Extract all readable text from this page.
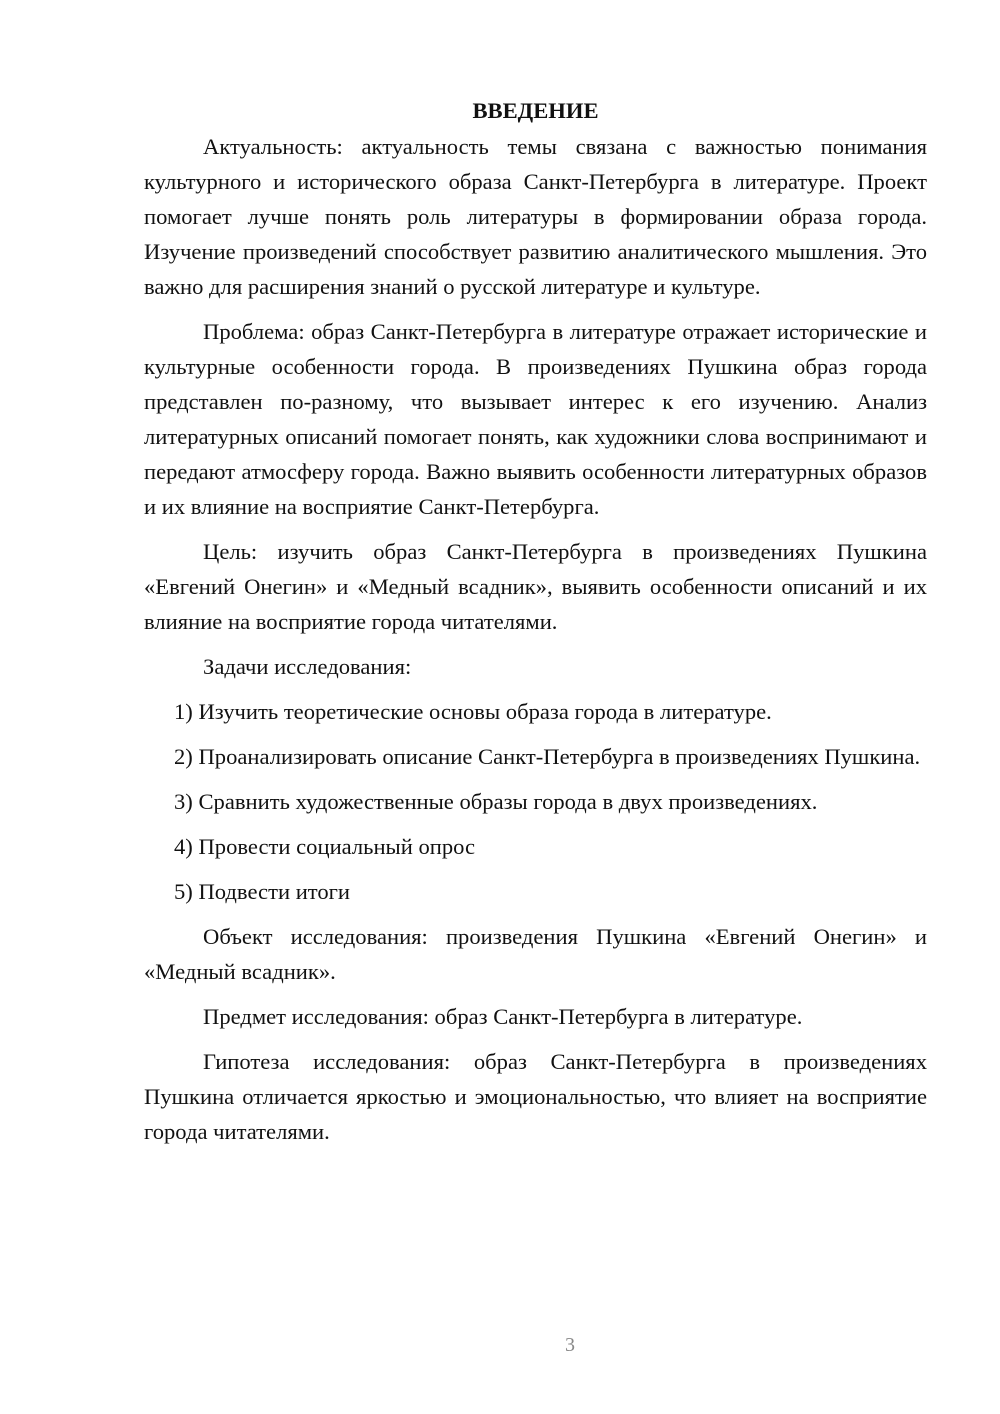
ВВЕДЕНИЕ

Актуальность: актуальность темы связана с важностью понимания культурного и исторического образа Санкт-Петербурга в литературе. Проект помогает лучше понять роль литературы в формировании образа города. Изучение произведений способствует развитию аналитического мышления. Это важно для расширения знаний о русской литературе и культуре.

Проблема: образ Санкт-Петербурга в литературе отражает исторические и культурные особенности города. В произведениях Пушкина образ города представлен по-разному, что вызывает интерес к его изучению. Анализ литературных описаний помогает понять, как художники слова воспринимают и передают атмосферу города. Важно выявить особенности литературных образов и их влияние на восприятие Санкт-Петербурга.

Цель: изучить образ Санкт-Петербурга в произведениях Пушкина «Евгений Онегин» и «Медный всадник», выявить особенности описаний и их влияние на восприятие города читателями.

Задачи исследования:

1) Изучить теоретические основы образа города в литературе.

2) Проанализировать описание Санкт-Петербурга в произведениях Пушкина.

3) Сравнить художественные образы города в двух произведениях.

4) Провести социальный опрос

5) Подвести итоги

Объект исследования: произведения Пушкина «Евгений Онегин» и «Медный всадник».

Предмет исследования: образ Санкт-Петербурга в литературе.

Гипотеза исследования: образ Санкт-Петербурга в произведениях Пушкина отличается яркостью и эмоциональностью, что влияет на восприятие города читателями.

3
